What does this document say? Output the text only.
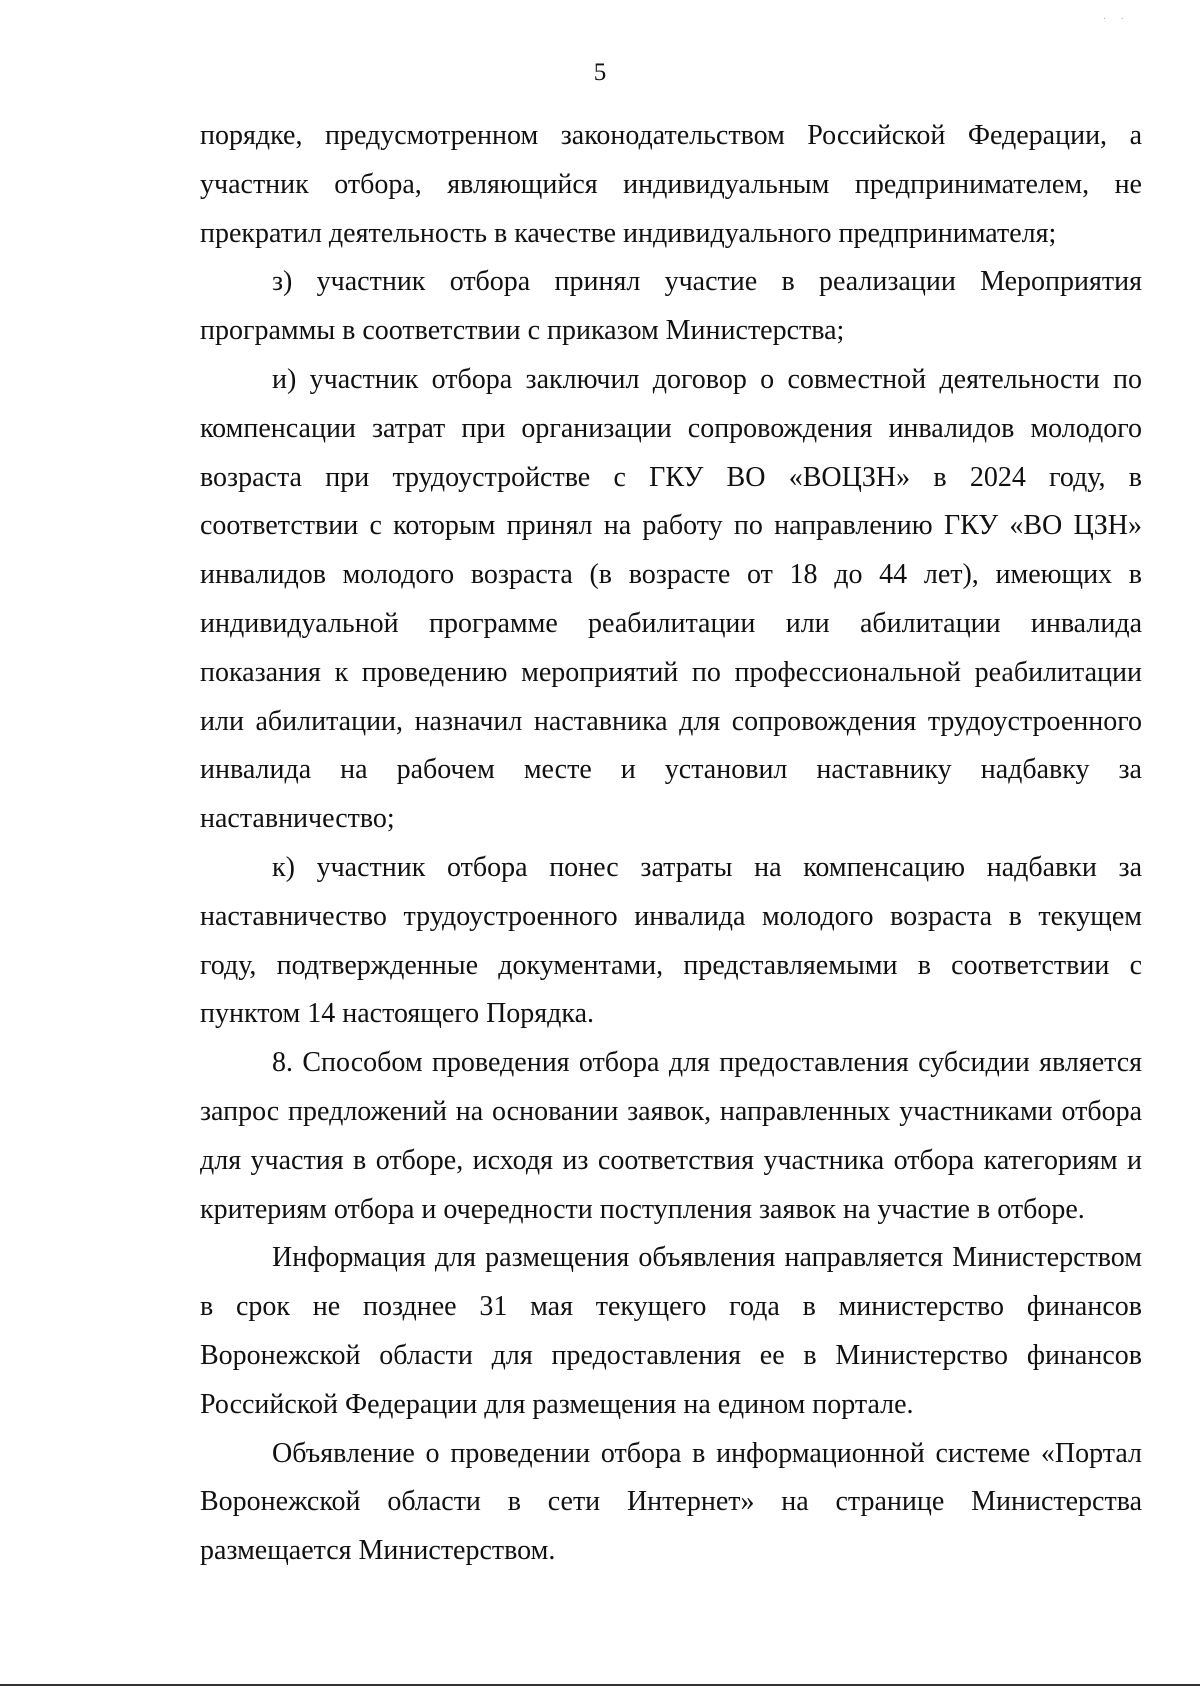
· ·
5

порядке, предусмотренном законодательством Российской Федерации, а участник отбора, являющийся индивидуальным предпринимателем, не прекратил деятельность в качестве индивидуального предпринимателя;

з) участник отбора принял участие в реализации Мероприятия программы в соответствии с приказом Министерства;

и) участник отбора заключил договор о совместной деятельности по компенсации затрат при организации сопровождения инвалидов молодого возраста при трудоустройстве с ГКУ ВО «ВОЦЗН» в 2024 году, в соответствии с которым принял на работу по направлению ГКУ «ВО ЦЗН» инвалидов молодого возраста (в возрасте от 18 до 44 лет), имеющих в индивидуальной программе реабилитации или абилитации инвалида показания к проведению мероприятий по профессиональной реабилитации или абилитации, назначил наставника для сопровождения трудоустроенного инвалида на рабочем месте и установил наставнику надбавку за наставничество;

к) участник отбора понес затраты на компенсацию надбавки за наставничество трудоустроенного инвалида молодого возраста в текущем году, подтвержденные документами, представляемыми в соответствии с пунктом 14 настоящего Порядка.

8. Способом проведения отбора для предоставления субсидии является запрос предложений на основании заявок, направленных участниками отбора для участия в отборе, исходя из соответствия участника отбора категориям и критериям отбора и очередности поступления заявок на участие в отборе.

Информация для размещения объявления направляется Министерством в срок не позднее 31 мая текущего года в министерство финансов Воронежской области для предоставления ее в Министерство финансов Российской Федерации для размещения на едином портале.

Объявление о проведении отбора в информационной системе «Портал Воронежской области в сети Интернет» на странице Министерства размещается Министерством.
